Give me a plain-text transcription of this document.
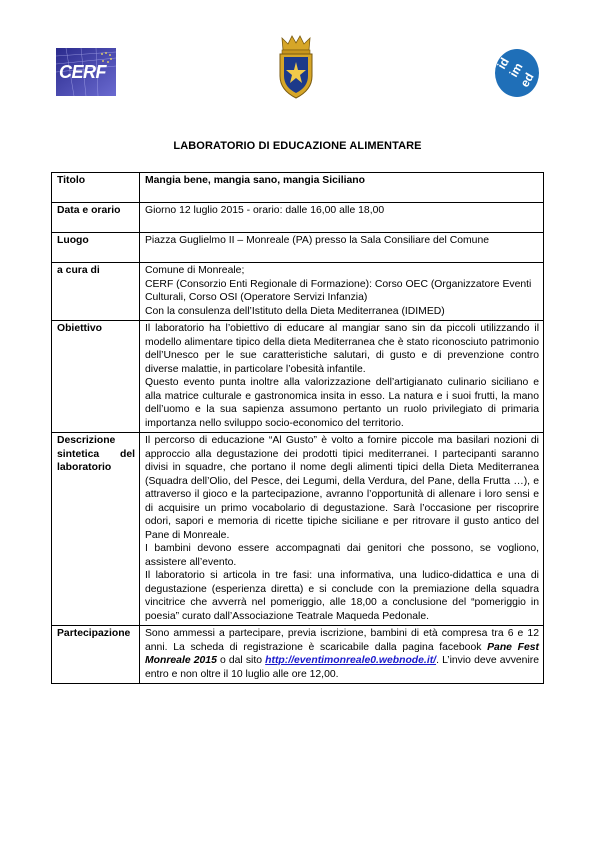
CERF	id
im
ed
LABORATORIO DI EDUCAZIONE ALIMENTARE
Titolo	Mangia bene, mangia sano, mangia Siciliano
Data e orario	Giorno 12 luglio 2015 - orario: dalle 16,00 alle 18,00
Luogo	Piazza Guglielmo II – Monreale (PA) presso la Sala Consiliare del Comune
a cura di	Comune di Monreale;
CERF (Consorzio Enti Regionale di Formazione): Corso OEC (Organizzatore Eventi Culturali, Corso OSI (Operatore Servizi Infanzia)
Con la consulenza dell’Istituto della Dieta Mediterranea (IDIMED)

Obiettivo	Il laboratorio ha l’obiettivo di educare al mangiar sano sin da piccoli utilizzando il modello alimentare tipico della dieta Mediterranea che è stato riconosciuto patrimonio dell’Unesco per le sue caratteristiche salutari, di gusto e di prevenzione contro diverse malattie, in particolare l’obesità infantile.
Questo evento punta inoltre alla valorizzazione dell’artigianato culinario siciliano e alla matrice culturale e gastronomica insita in esso. La natura e i suoi frutti, la mano dell’uomo e la sua sapienza assumono pertanto un ruolo privilegiato di primaria importanza nello sviluppo socio-economico del territorio.

Descrizione sintetica del laboratorio	Il percorso di educazione “Al Gusto” è volto a fornire piccole ma basilari nozioni di approccio alla degustazione dei prodotti tipici mediterranei. I partecipanti saranno divisi in squadre, che portano il nome degli alimenti tipici della Dieta Mediterranea (Squadra dell’Olio, del Pesce, dei Legumi, della Verdura, del Pane, della Frutta …), e attraverso il gioco e la partecipazione, avranno l’opportunità di allenare i loro sensi e di acquisire un primo vocabolario di degustazione. Sarà l’occasione per riscoprire odori, sapori e memoria di ricette tipiche siciliane e per ritrovare il gusto antico del Pane di Monreale.
I bambini devono essere accompagnati dai genitori che possono, se vogliono, assistere all’evento.
Il laboratorio si articola in tre fasi: una informativa, una ludico-didattica e una di degustazione (esperienza diretta) e si conclude con la premiazione della squadra vincitrice che avverrà nel pomeriggio, alle 18,00 a conclusione del “pomeriggio in poesia” curato dall’Associazione Teatrale Maqueda Pedonale.

Partecipazione	Sono ammessi a partecipare, previa iscrizione, bambini di età compresa tra 6 e 12 anni. La scheda di registrazione è scaricabile dalla pagina facebook Pane Fest Monreale 2015 o dal sito http://eventimonreale0.webnode.it/. L’invio deve avvenire entro e non oltre il 10 luglio alle ore 12,00.
